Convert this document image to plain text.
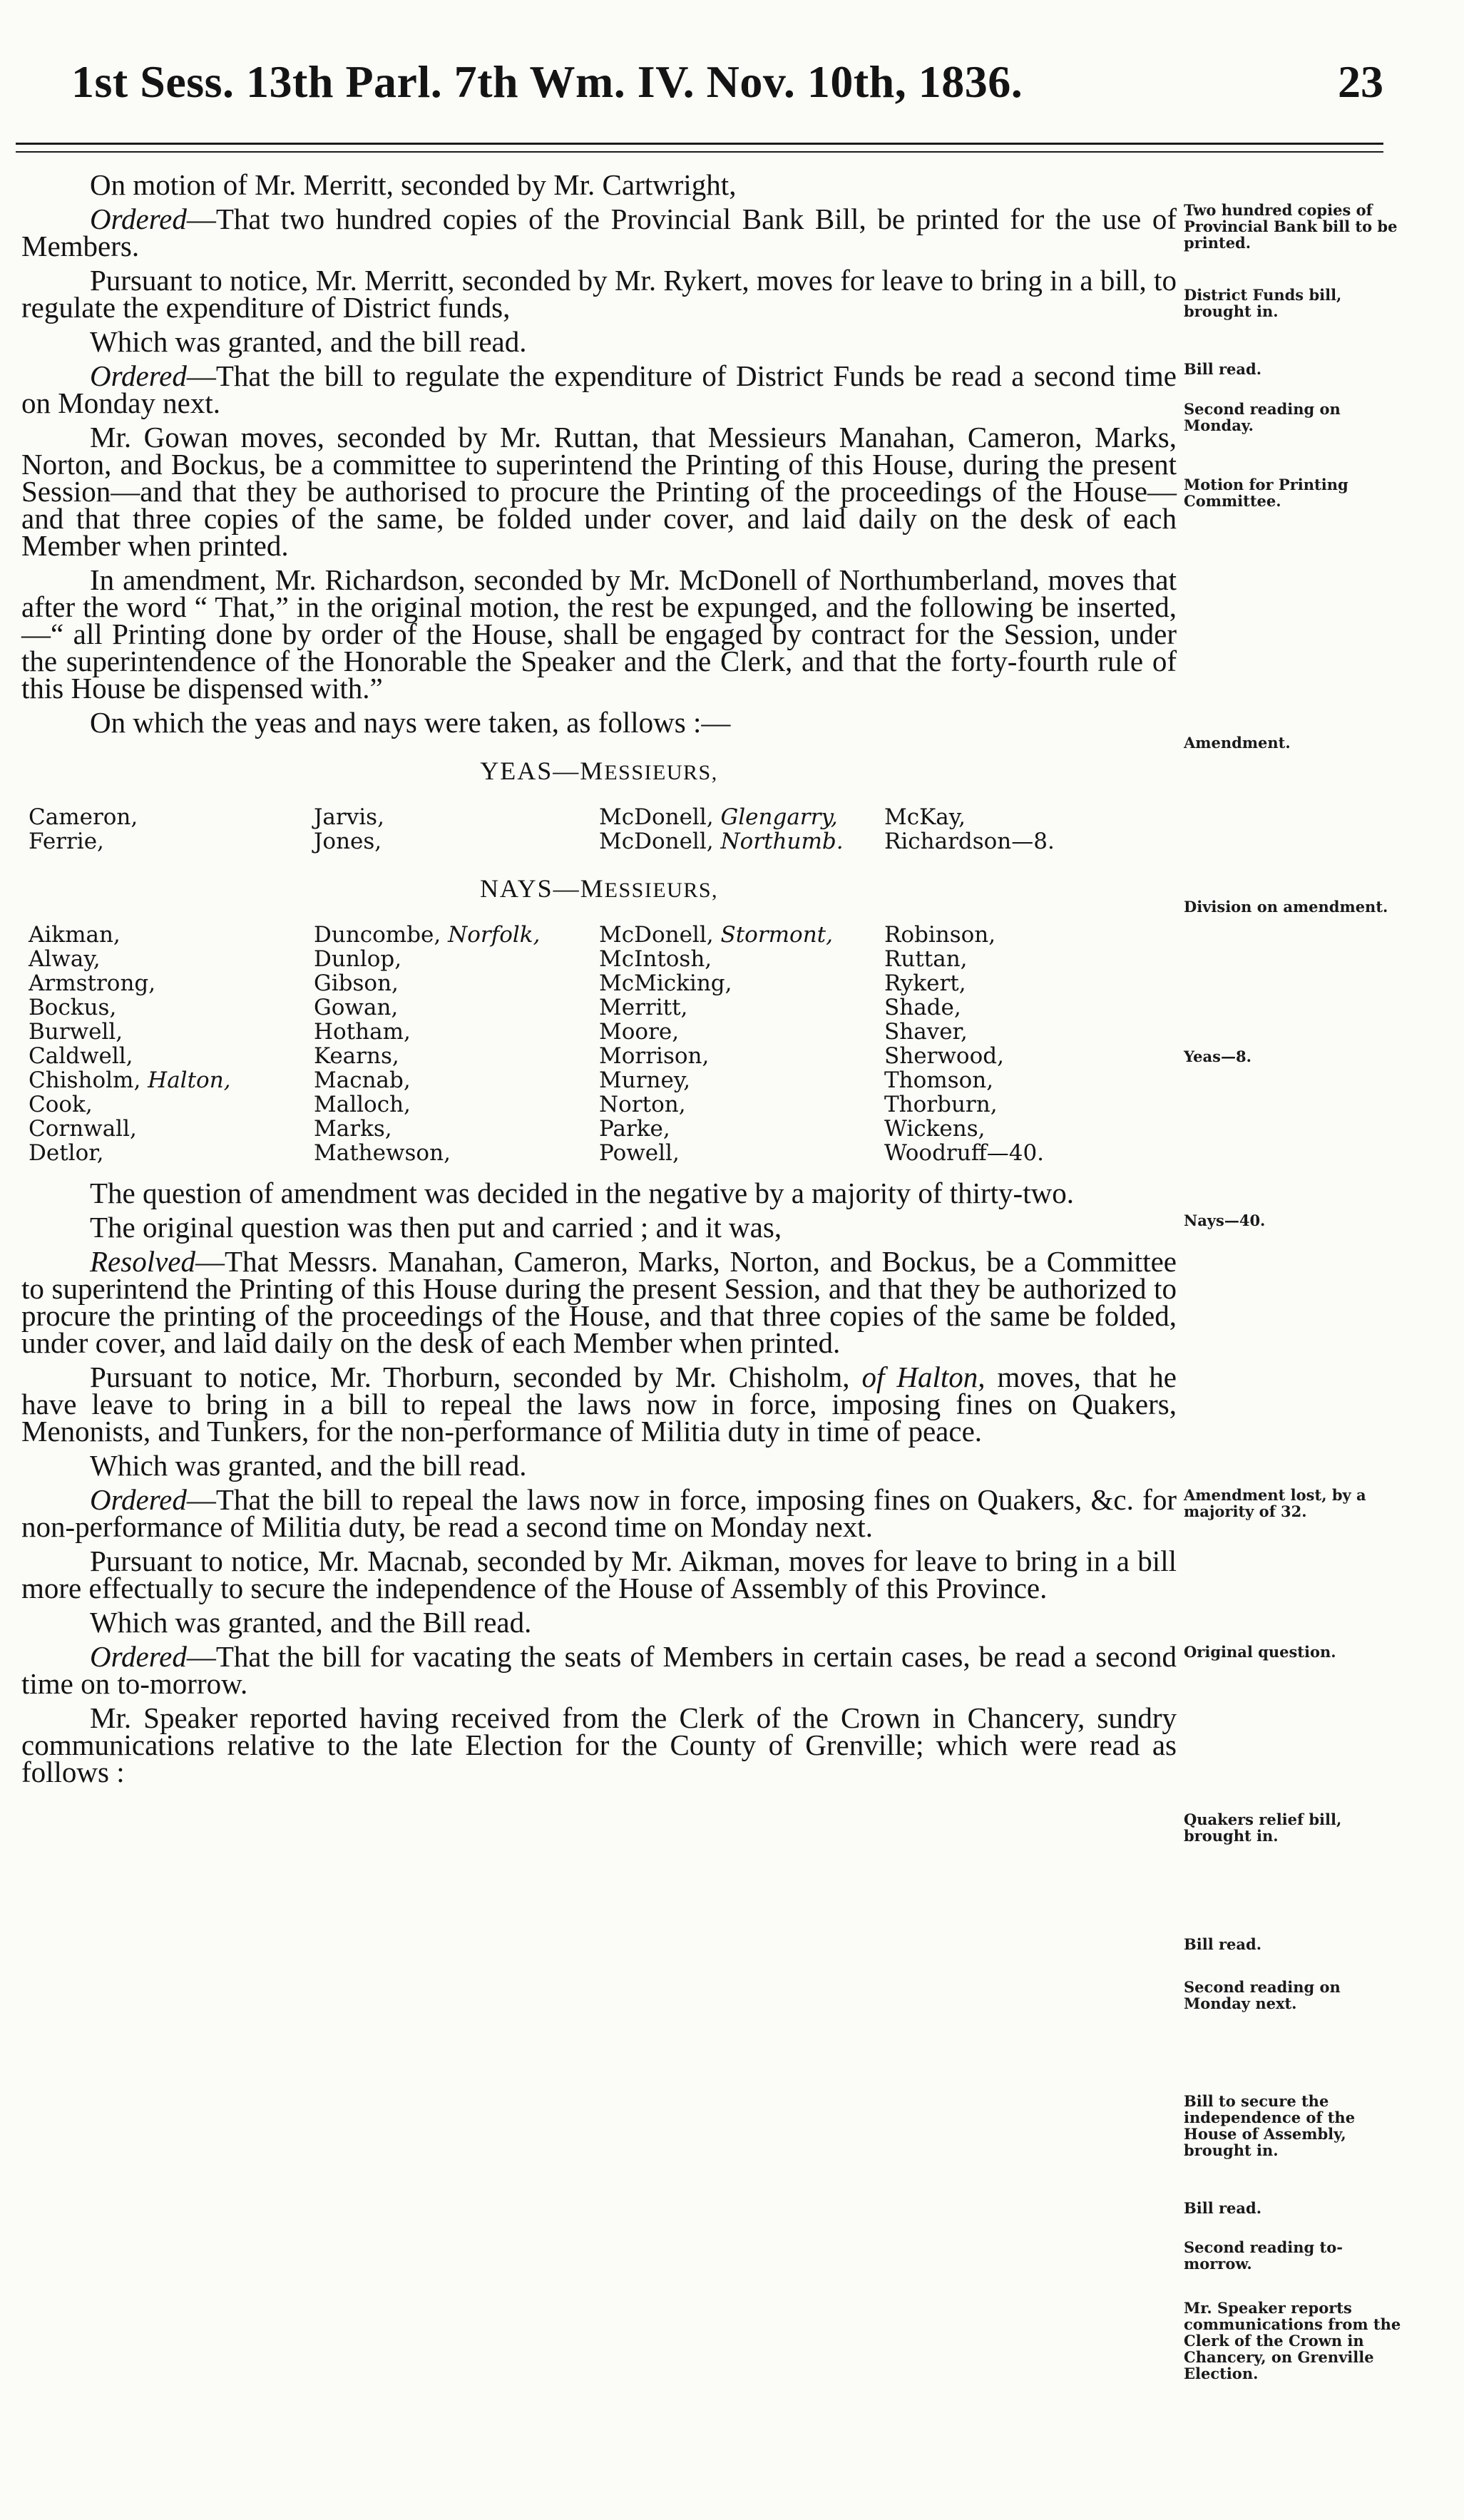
1st Sess. 13th Parl. 7th Wm. IV. Nov. 10th, 1836.	23

On motion of Mr. Merritt, seconded by Mr. Cartwright,

Ordered—That two hundred copies of the Provincial Bank Bill, be printed for the use of Members.

Pursuant to notice, Mr. Merritt, seconded by Mr. Rykert, moves for leave to bring in a bill, to regulate the expenditure of District funds,

Which was granted, and the bill read.

Ordered—That the bill to regulate the expenditure of District Funds be read a second time on Monday next.

Mr. Gowan moves, seconded by Mr. Ruttan, that Messieurs Manahan, Cameron, Marks, Norton, and Bockus, be a committee to superintend the Printing of this House, during the present Session—and that they be authorised to procure the Printing of the proceedings of the House—and that three copies of the same, be folded under cover, and laid daily on the desk of each Member when printed.

In amendment, Mr. Richardson, seconded by Mr. McDonell of Northumberland, moves that after the word “ That,” in the original motion, the rest be expunged, and the following be inserted,—“ all Printing done by order of the House, shall be engaged by contract for the Session, under the superintendence of the Honorable the Speaker and the Clerk, and that the forty-fourth rule of this House be dispensed with.”

On which the yeas and nays were taken, as follows :—

YEAS—MESSIEURS,
Cameron,
Ferrie,
Jarvis,
Jones,
McDonell, Glengarry,
McDonell, Northumb.
McKay,
Richardson—8.
NAYS—MESSIEURS,
Aikman,
Alway,
Armstrong,
Bockus,
Burwell,
Caldwell,
Chisholm, Halton,
Cook,
Cornwall,
Detlor,
Duncombe, Norfolk,
Dunlop,
Gibson,
Gowan,
Hotham,
Kearns,
Macnab,
Malloch,
Marks,
Mathewson,
McDonell, Stormont,
McIntosh,
McMicking,
Merritt,
Moore,
Morrison,
Murney,
Norton,
Parke,
Powell,
Robinson,
Ruttan,
Rykert,
Shade,
Shaver,
Sherwood,
Thomson,
Thorburn,
Wickens,
Woodruff—40.

The question of amendment was decided in the negative by a majority of thirty-two.

The original question was then put and carried ; and it was,

Resolved—That Messrs. Manahan, Cameron, Marks, Norton, and Bockus, be a Committee to superintend the Printing of this House during the present Session, and that they be authorized to procure the printing of the proceedings of the House, and that three copies of the same be folded, under cover, and laid daily on the desk of each Member when printed.

Pursuant to notice, Mr. Thorburn, seconded by Mr. Chisholm, of Halton, moves, that he have leave to bring in a bill to repeal the laws now in force, imposing fines on Quakers, Menonists, and Tunkers, for the non-performance of Militia duty in time of peace.

Which was granted, and the bill read.

Ordered—That the bill to repeal the laws now in force, imposing fines on Quakers, &c. for non-performance of Militia duty, be read a second time on Monday next.

Pursuant to notice, Mr. Macnab, seconded by Mr. Aikman, moves for leave to bring in a bill more effectually to secure the independence of the House of Assembly of this Province.

Which was granted, and the Bill read.

Ordered—That the bill for vacating the seats of Members in certain cases, be read a second time on to-morrow.

Mr. Speaker reported having received from the Clerk of the Crown in Chancery, sundry communications relative to the late Election for the County of Grenville; which were read as follows :

Two hundred copies of Provincial Bank bill to be printed.
District Funds bill, brought in.
Bill read.
Second reading on Monday.
Motion for Printing Committee.
Amendment.
Division on amendment.
Yeas—8.
Nays—40.
Amendment lost, by a majority of 32.
Original question.
Quakers relief bill, brought in.
Bill read.
Second reading on Monday next.
Bill to secure the independence of the House of Assembly, brought in.
Bill read.
Second reading to-morrow.
Mr. Speaker reports communications from the Clerk of the Crown in Chancery, on Grenville Election.
